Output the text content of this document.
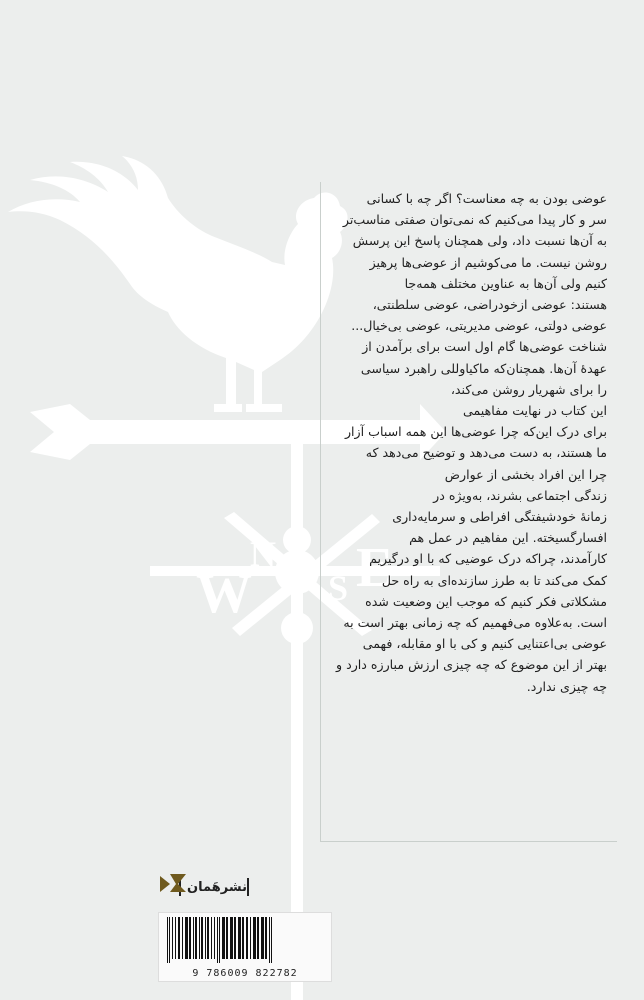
W
N
S E

عوضی بودن به چه معناست؟ اگر چه با کسانی
سر و کار پیدا می‌کنیم که نمی‌توان صفتی مناسب‌تر
به آن‌ها نسبت داد، ولی همچنان پاسخ این پرسش
روشن نیست. ما می‌کوشیم از عوضی‌ها پرهیز
کنیم ولی آن‌ها به عناوین مختلف همه‌جا
هستند: عوضی ازخودراضی، عوضی سلطنتی،
عوضی دولتی، عوضی مدیریتی، عوضی بی‌خیال...
شناخت عوضی‌ها گام اول است برای برآمدن از
عهدهٔ آن‌ها. همچنان‌که ماکیاوللی راهبرد سیاسی
را برای شهریار روشن می‌کند،
این کتاب در نهایت مفاهیمی
برای درک این‌که چرا عوضی‌ها این همه اسباب آزار
ما هستند، به دست می‌دهد و توضیح می‌دهد که
چرا این افراد بخشی از عوارض
زندگی اجتماعی بشرند، به‌ویژه در
زمانهٔ خودشیفتگی افراطی و سرمایه‌داری
افسارگسیخته. این مفاهیم در عمل هم
کارآمدند، چراکه درک عوضیی که با او درگیریم
کمک می‌کند تا به طرز سازنده‌ای به راه حل
مشکلاتی فکر کنیم که موجب این وضعیت شده
است. به‌علاوه می‌فهمیم که چه زمانی بهتر است به
عوضی بی‌اعتنایی کنیم و کی با او مقابله، فهمی
بهتر از این موضوع که چه چیزی ارزش مبارزه دارد و
چه چیزی ندارد.

نشرهَمان
9 786009 822782
